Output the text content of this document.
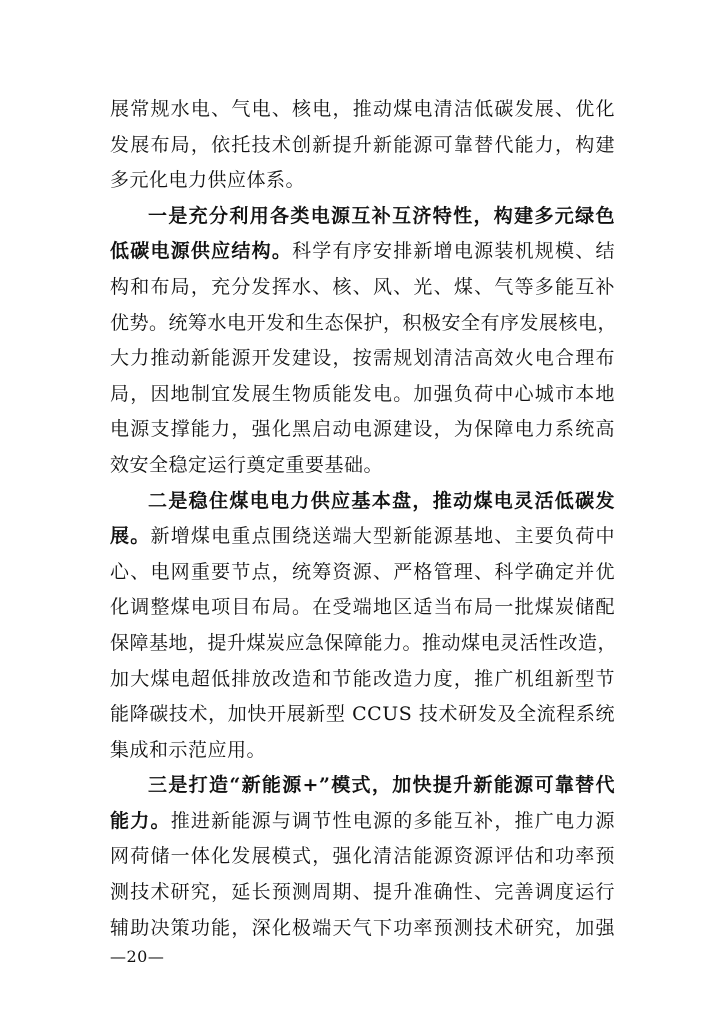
展常规水电、气电、核电，推动煤电清洁低碳发展、优化
发展布局，依托技术创新提升新能源可靠替代能力，构建
多元化电力供应体系。
一是充分利用各类电源互补互济特性，构建多元绿色
低碳电源供应结构。科学有序安排新增电源装机规模、结
构和布局，充分发挥水、核、风、光、煤、气等多能互补
优势。统筹水电开发和生态保护，积极安全有序发展核电，
大力推动新能源开发建设，按需规划清洁高效火电合理布
局，因地制宜发展生物质能发电。加强负荷中心城市本地
电源支撑能力，强化黑启动电源建设，为保障电力系统高
效安全稳定运行奠定重要基础。
二是稳住煤电电力供应基本盘，推动煤电灵活低碳发
展。新增煤电重点围绕送端大型新能源基地、主要负荷中
心、电网重要节点，统筹资源、严格管理、科学确定并优
化调整煤电项目布局。在受端地区适当布局一批煤炭储配
保障基地，提升煤炭应急保障能力。推动煤电灵活性改造，
加大煤电超低排放改造和节能改造力度，推广机组新型节
能降碳技术，加快开展新型 CCUS 技术研发及全流程系统
集成和示范应用。
三是打造“新能源+”模式，加快提升新能源可靠替代
能力。推进新能源与调节性电源的多能互补，推广电力源
网荷储一体化发展模式，强化清洁能源资源评估和功率预
测技术研究，延长预测周期、提升准确性、完善调度运行
辅助决策功能，深化极端天气下功率预测技术研究，加强
—20—
